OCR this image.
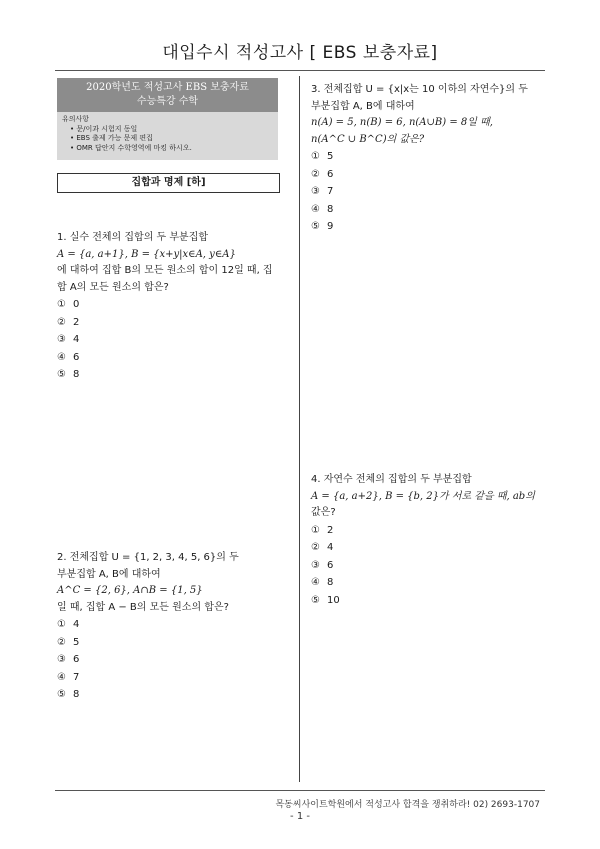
대입수시 적성고사 [ EBS 보충자료]
2020학년도 적성고사 EBS 보충자료
수능특강 수학
유의사항
• 문/이과 시험지 동일
• EBS 출제 가능 문제 편집
• OMR 답안지 수학영역에 마킹 하시오.
집합과 명제 [하]
1. 실수 전체의 집합의 두 부분집합
A = {a, a+1}, B = {x+y|x∈A, y∈A}
에 대하여 집합 B의 모든 원소의 합이 12일 때, 집
합 A의 모든 원소의 합은?
① 0
② 2
③ 4
④ 6
⑤ 8
2. 전체집합 U = {1, 2, 3, 4, 5, 6}의 두
부분집합 A, B에 대하여
A^C = {2, 6}, A∩B = {1, 5}
일 때, 집합 A − B의 모든 원소의 합은?
① 4
② 5
③ 6
④ 7
⑤ 8
3. 전체집합 U = {x|x는 10 이하의 자연수}의 두
부분집합 A, B에 대하여
n(A) = 5, n(B) = 6, n(A∪B) = 8일 때,
n(A^C ∪ B^C)의 값은?
① 5
② 6
③ 7
④ 8
⑤ 9
4. 자연수 전체의 집합의 두 부분집합
A = {a, a+2}, B = {b, 2}가 서로 같을 때, ab의
값은?
① 2
② 4
③ 6
④ 8
⑤ 10
목동씨사이트학원에서 적성고사 합격을 쟁취하라! 02) 2693-1707
- 1 -
